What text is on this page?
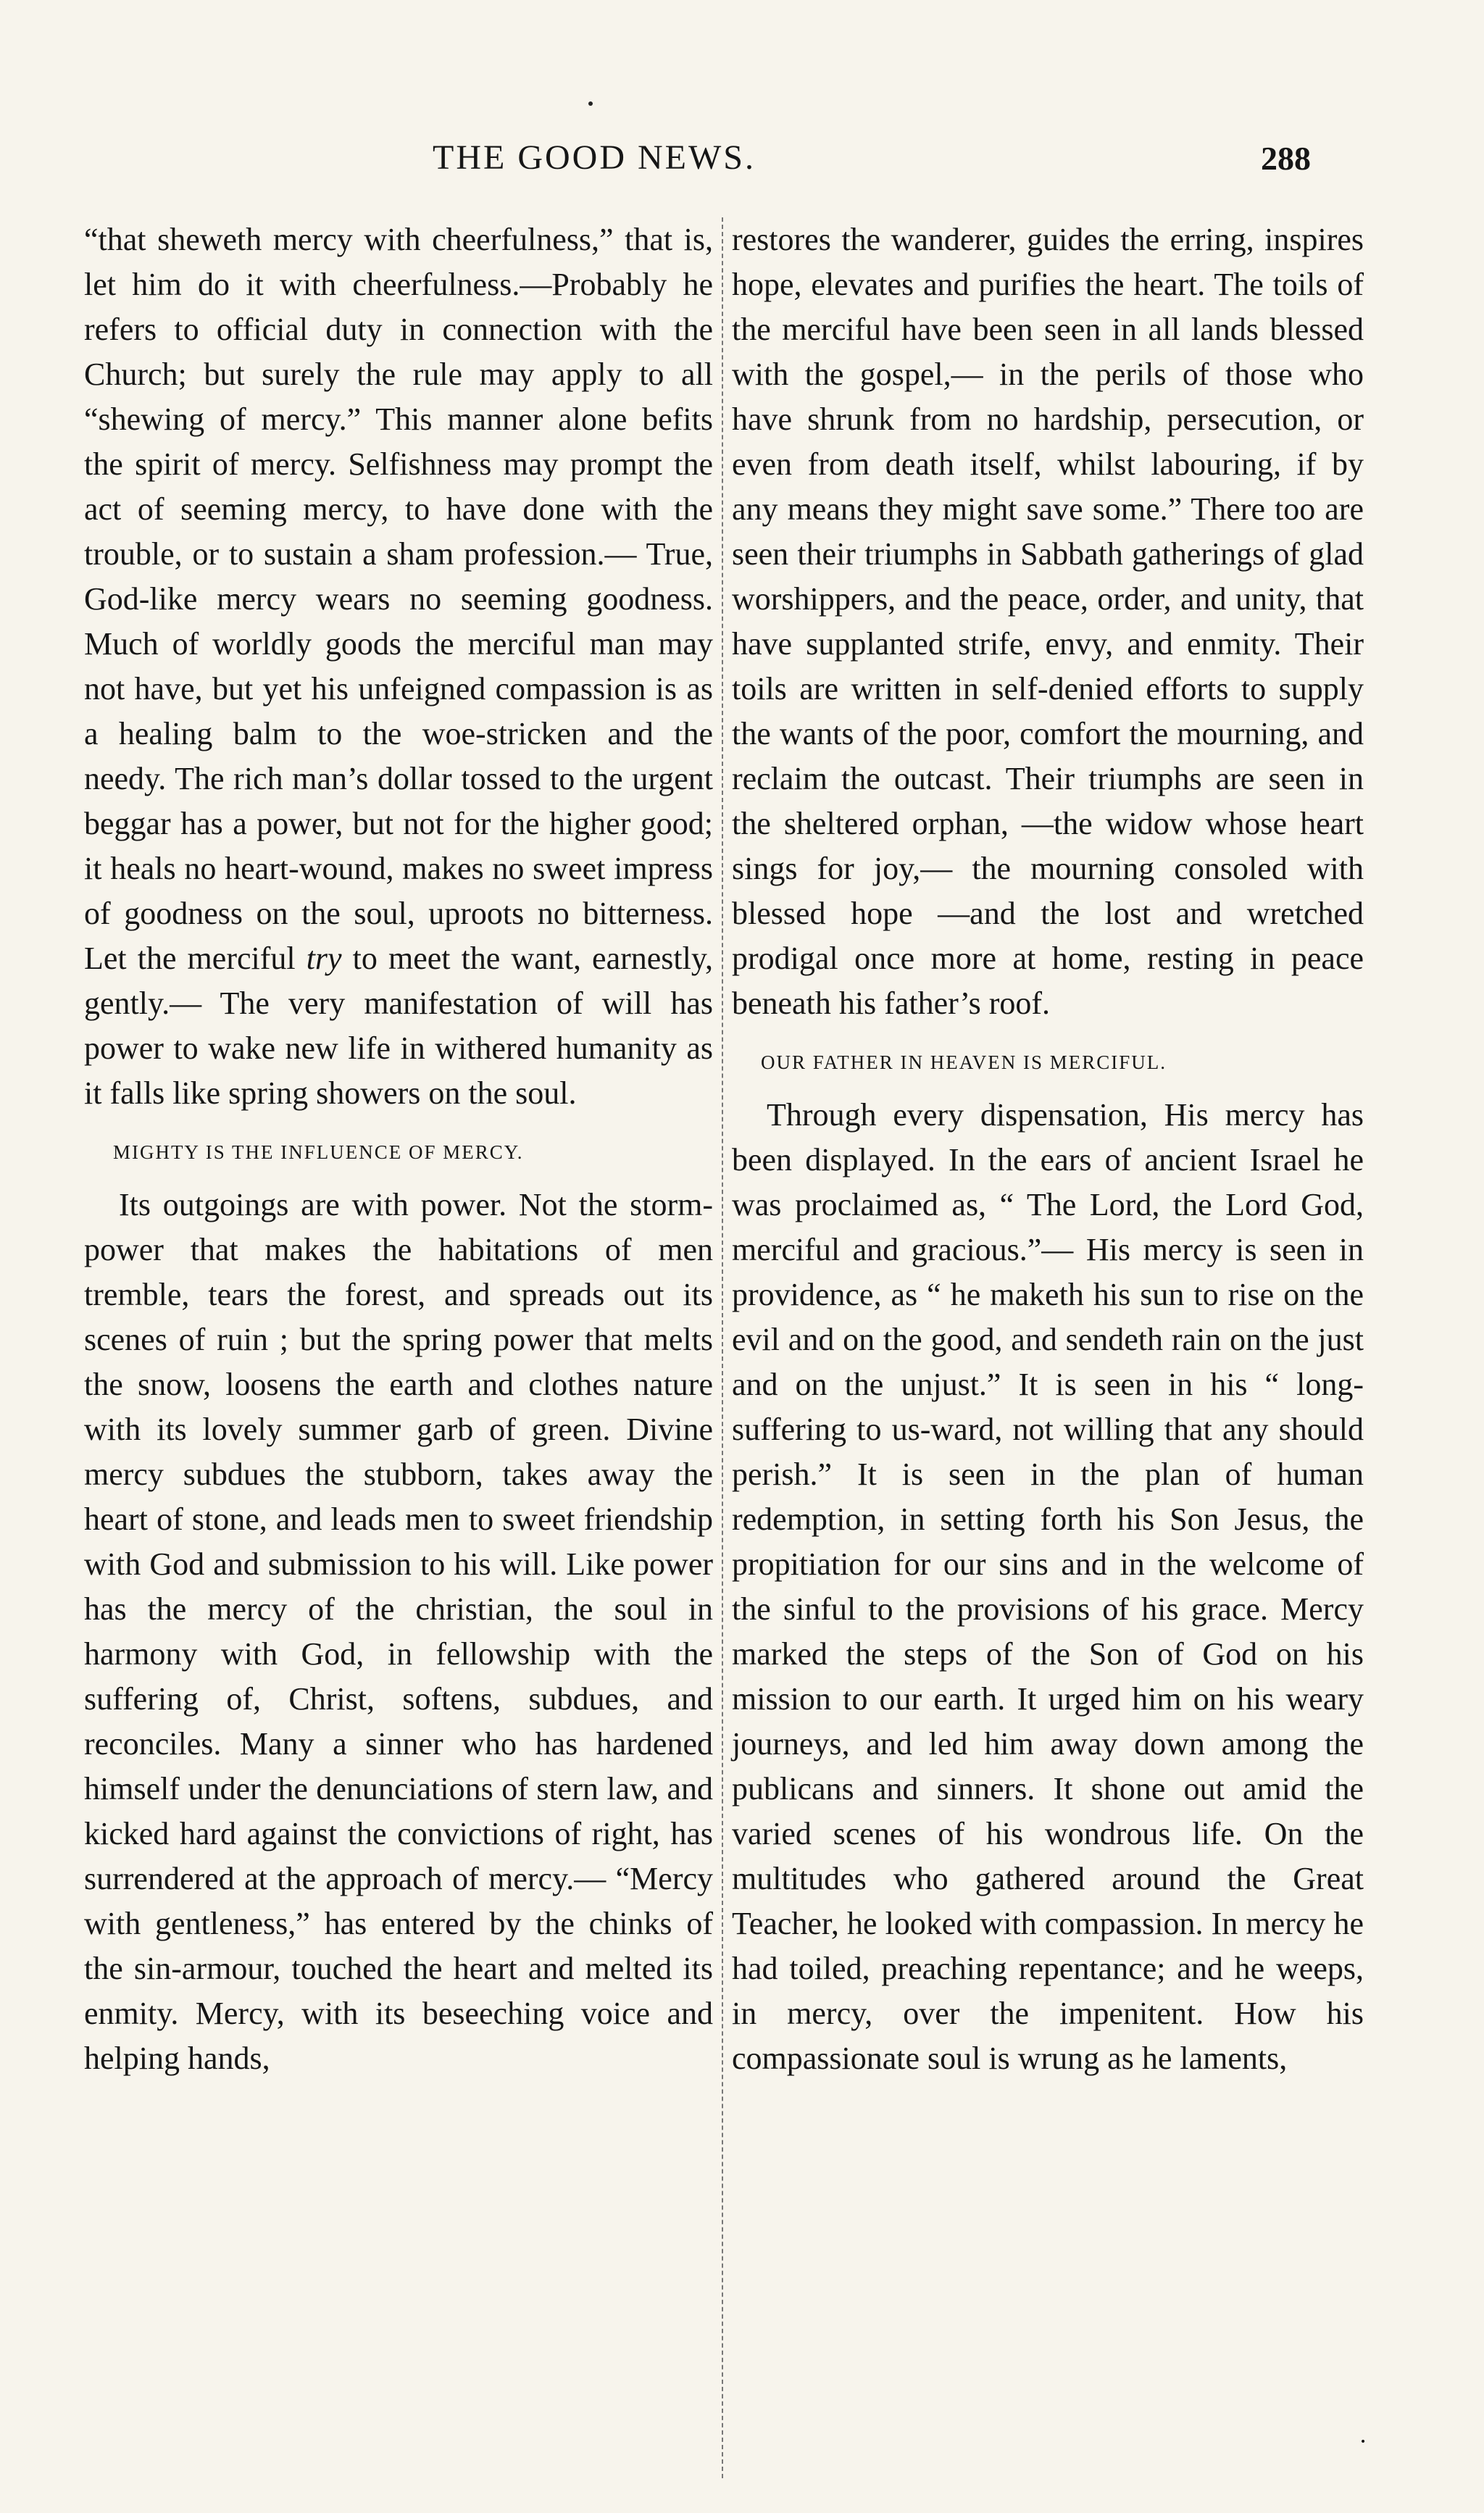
THE GOOD NEWS.	288

“that sheweth mercy with cheerfulness,” that is, let him do it with cheerfulness.—Probably he refers to official duty in connection with the Church; but surely the rule may apply to all “shewing of mercy.” This manner alone befits the spirit of mercy. Selfishness may prompt the act of seeming mercy, to have done with the trouble, or to sustain a sham profession.— True, God-like mercy wears no seeming goodness. Much of worldly goods the merciful man may not have, but yet his unfeigned compassion is as a healing balm to the woe-stricken and the needy. The rich man’s dollar tossed to the urgent beggar has a power, but not for the higher good; it heals no heart-wound, makes no sweet impress of goodness on the soul, uproots no bitterness. Let the merciful try to meet the want, earnestly, gently.— The very manifestation of will has power to wake new life in withered humanity as it falls like spring showers on the soul.

MIGHTY IS THE INFLUENCE OF MERCY.

Its outgoings are with power. Not the storm-power that makes the habitations of men tremble, tears the forest, and spreads out its scenes of ruin ; but the spring power that melts the snow, loosens the earth and clothes nature with its lovely summer garb of green. Divine mercy subdues the stubborn, takes away the heart of stone, and leads men to sweet friendship with God and submission to his will. Like power has the mercy of the christian, the soul in harmony with God, in fellowship with the suffering of, Christ, softens, subdues, and reconciles. Many a sinner who has hardened himself under the denunciations of stern law, and kicked hard against the convictions of right, has surrendered at the approach of mercy.— “Mercy with gentleness,” has entered by the chinks of the sin-armour, touched the heart and melted its enmity. Mercy, with its beseeching voice and helping hands,

restores the wanderer, guides the erring, inspires hope, elevates and purifies the heart. The toils of the merciful have been seen in all lands blessed with the gospel,— in the perils of those who have shrunk from no hardship, persecution, or even from death itself, whilst labouring, if by any means they might save some.” There too are seen their triumphs in Sabbath gatherings of glad worshippers, and the peace, order, and unity, that have supplanted strife, envy, and enmity. Their toils are written in self-denied efforts to supply the wants of the poor, comfort the mourning, and reclaim the outcast. Their triumphs are seen in the sheltered orphan, —the widow whose heart sings for joy,— the mourning consoled with blessed hope —and the lost and wretched prodigal once more at home, resting in peace beneath his father’s roof.

OUR FATHER IN HEAVEN IS MERCIFUL.

Through every dispensation, His mercy has been displayed. In the ears of ancient Israel he was proclaimed as, “ The Lord, the Lord God, merciful and gracious.”— His mercy is seen in providence, as “ he maketh his sun to rise on the evil and on the good, and sendeth rain on the just and on the unjust.” It is seen in his “ long-suffering to us-ward, not willing that any should perish.” It is seen in the plan of human redemption, in setting forth his Son Jesus, the propitiation for our sins and in the welcome of the sinful to the provisions of his grace. Mercy marked the steps of the Son of God on his mission to our earth. It urged him on his weary journeys, and led him away down among the publicans and sinners. It shone out amid the varied scenes of his wondrous life. On the multitudes who gathered around the Great Teacher, he looked with compassion. In mercy he had toiled, preaching repentance; and he weeps, in mercy, over the impenitent. How his compassionate soul is wrung as he laments,

·
